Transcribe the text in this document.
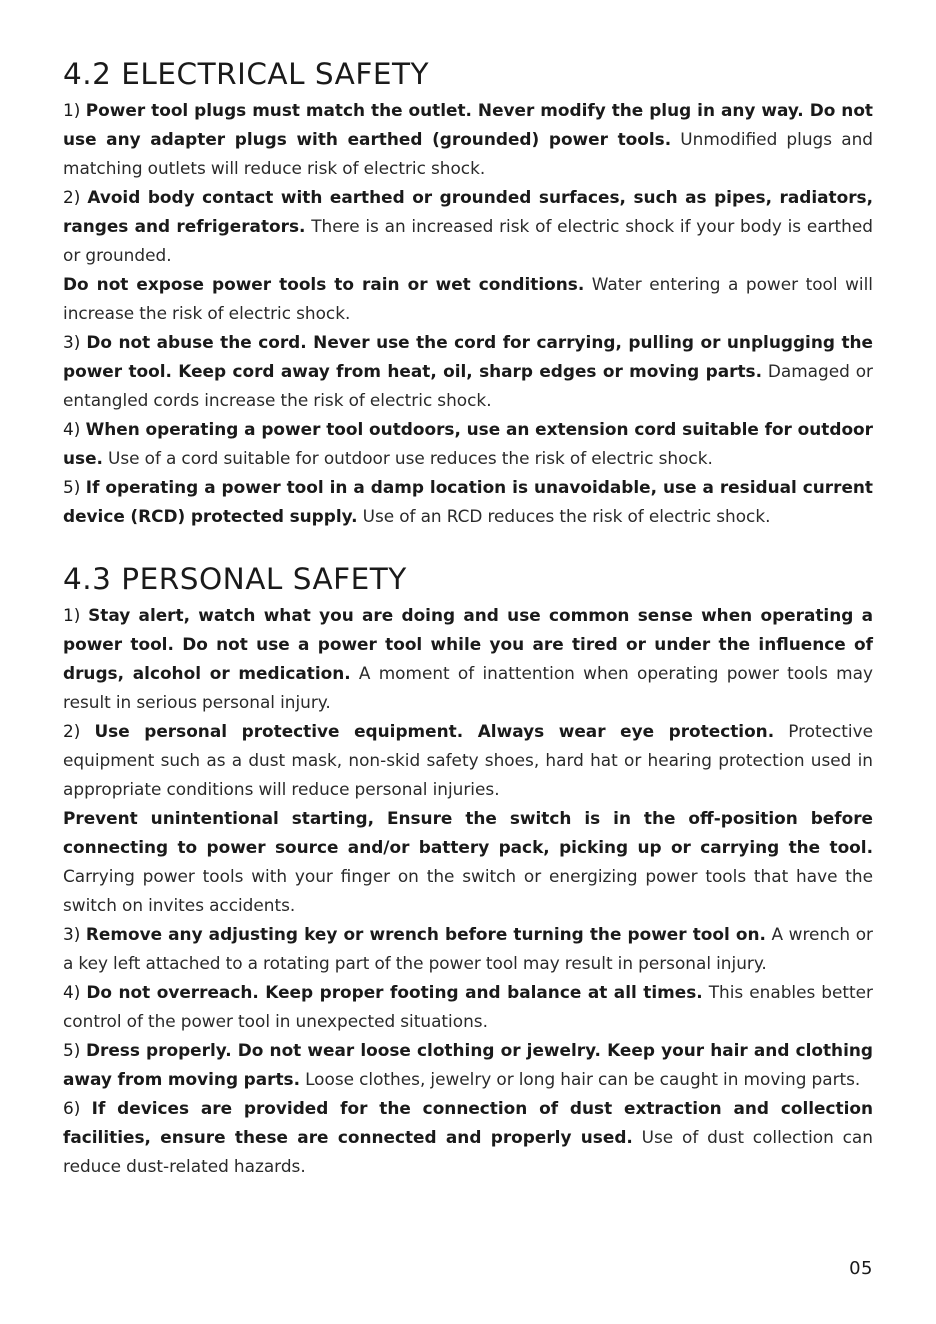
4.2 ELECTRICAL SAFETY

1) Power tool plugs must match the outlet. Never modify the plug in any way. Do not use any adapter plugs with earthed (grounded) power tools. Unmodified plugs and matching outlets will reduce risk of electric shock.

2) Avoid body contact with earthed or grounded surfaces, such as pipes, radiators, ranges and refrigerators. There is an increased risk of electric shock if your body is earthed or grounded.

Do not expose power tools to rain or wet conditions. Water entering a power tool will increase the risk of electric shock.

3) Do not abuse the cord. Never use the cord for carrying, pulling or unplugging the power tool. Keep cord away from heat, oil, sharp edges or moving parts. Damaged or entangled cords increase the risk of electric shock.

4) When operating a power tool outdoors, use an extension cord suitable for outdoor use. Use of a cord suitable for outdoor use reduces the risk of electric shock.

5) If operating a power tool in a damp location is unavoidable, use a residual current device (RCD) protected supply. Use of an RCD reduces the risk of electric shock.

4.3 PERSONAL SAFETY

1) Stay alert, watch what you are doing and use common sense when operating a power tool. Do not use a power tool while you are tired or under the influence of drugs, alcohol or medication. A moment of inattention when operating power tools may result in serious personal injury.

2) Use personal protective equipment. Always wear eye protection. Protective equipment such as a dust mask, non-skid safety shoes, hard hat or hearing protection used in appropriate conditions will reduce personal injuries.

Prevent unintentional starting, Ensure the switch is in the off-position before connecting to power source and/or battery pack, picking up or carrying the tool. Carrying power tools with your finger on the switch or energizing power tools that have the switch on invites accidents.

3) Remove any adjusting key or wrench before turning the power tool on. A wrench or a key left attached to a rotating part of the power tool may result in personal injury.

4) Do not overreach. Keep proper footing and balance at all times. This enables better control of the power tool in unexpected situations.

5) Dress properly. Do not wear loose clothing or jewelry. Keep your hair and clothing away from moving parts. Loose clothes, jewelry or long hair can be caught in moving parts.

6) If devices are provided for the connection of dust extraction and collection facilities, ensure these are connected and properly used. Use of dust collection can reduce dust-related hazards.

05
